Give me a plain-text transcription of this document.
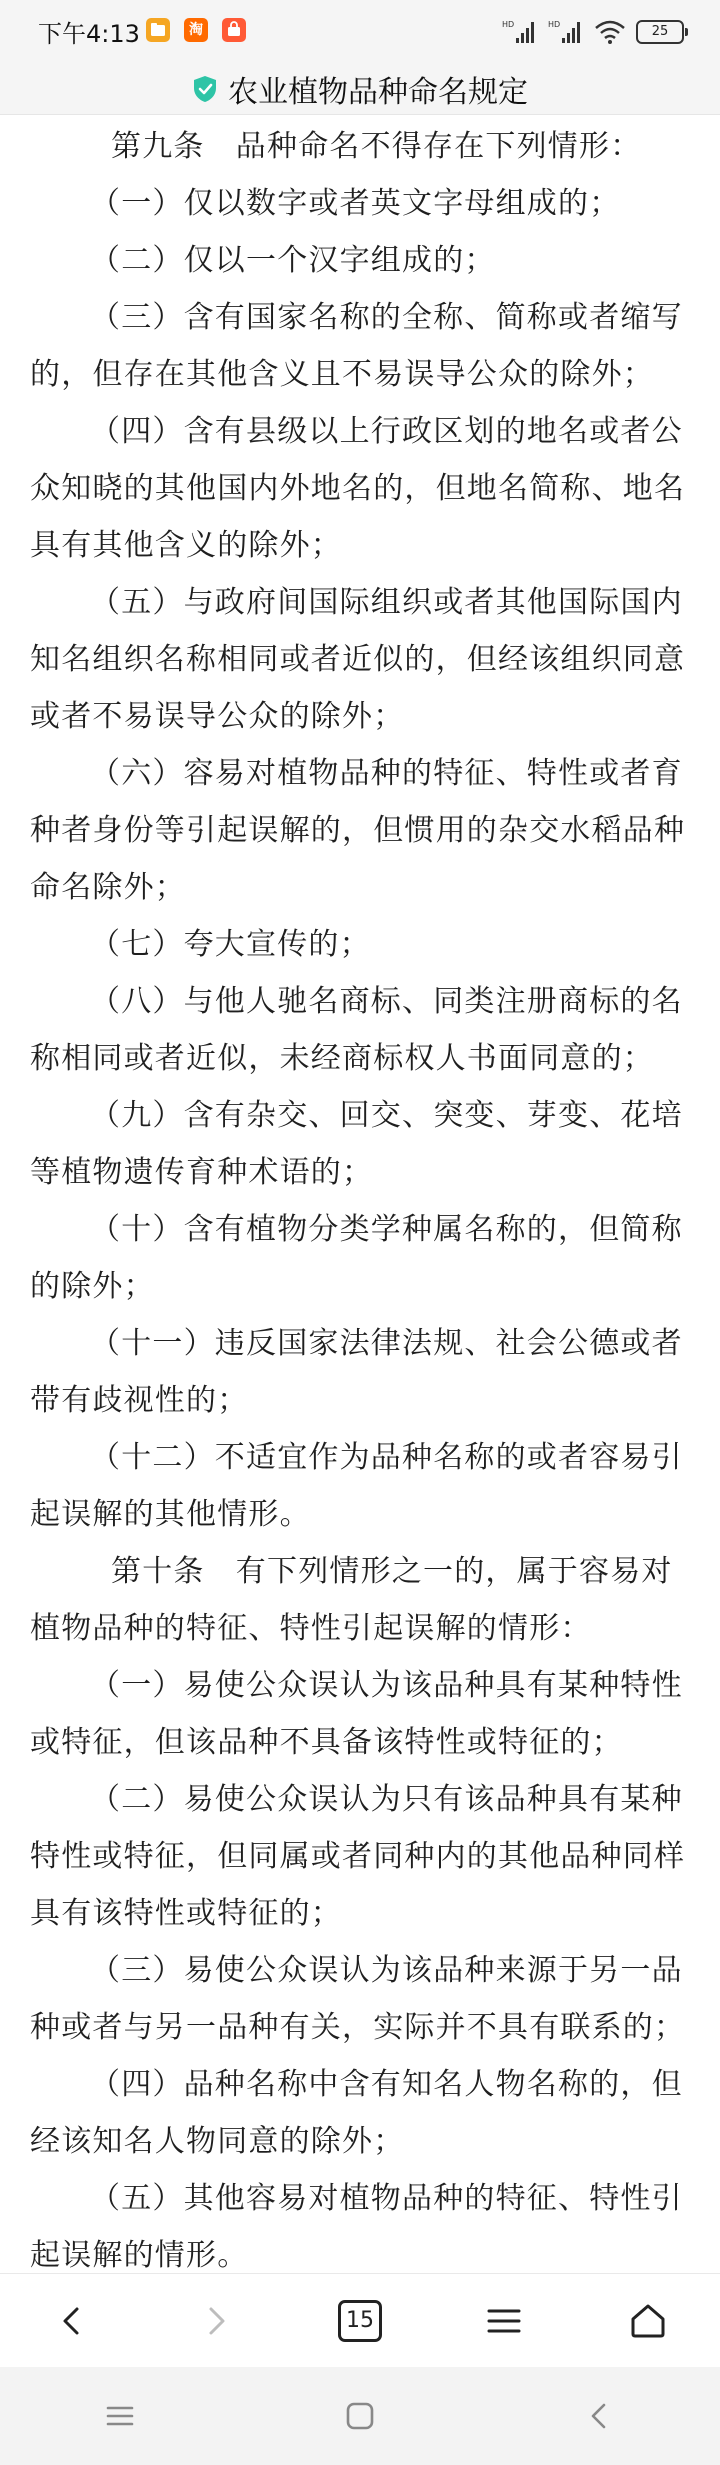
下午4:13	淘	HD	HD	25
农业植物品种命名规定

第九条　品种命名不得存在下列情形：

（一）仅以数字或者英文字母组成的；

（二）仅以一个汉字组成的；

（三）含有国家名称的全称、简称或者缩写的，但存在其他含义且不易误导公众的除外；

（四）含有县级以上行政区划的地名或者公众知晓的其他国内外地名的，但地名简称、地名具有其他含义的除外；

（五）与政府间国际组织或者其他国际国内知名组织名称相同或者近似的，但经该组织同意或者不易误导公众的除外；

（六）容易对植物品种的特征、特性或者育种者身份等引起误解的，但惯用的杂交水稻品种命名除外；

（七）夸大宣传的；

（八）与他人驰名商标、同类注册商标的名称相同或者近似，未经商标权人书面同意的；

（九）含有杂交、回交、突变、芽变、花培等植物遗传育种术语的；

（十）含有植物分类学种属名称的，但简称的除外；

（十一）违反国家法律法规、社会公德或者带有歧视性的；

（十二）不适宜作为品种名称的或者容易引起误解的其他情形。

第十条　有下列情形之一的，属于容易对植物品种的特征、特性引起误解的情形：

（一）易使公众误认为该品种具有某种特性或特征，但该品种不具备该特性或特征的；

（二）易使公众误认为只有该品种具有某种特性或特征，但同属或者同种内的其他品种同样具有该特性或特征的；

（三）易使公众误认为该品种来源于另一品种或者与另一品种有关，实际并不具有联系的；

（四）品种名称中含有知名人物名称的，但经该知名人物同意的除外；

（五）其他容易对植物品种的特征、特性引起误解的情形。

15
